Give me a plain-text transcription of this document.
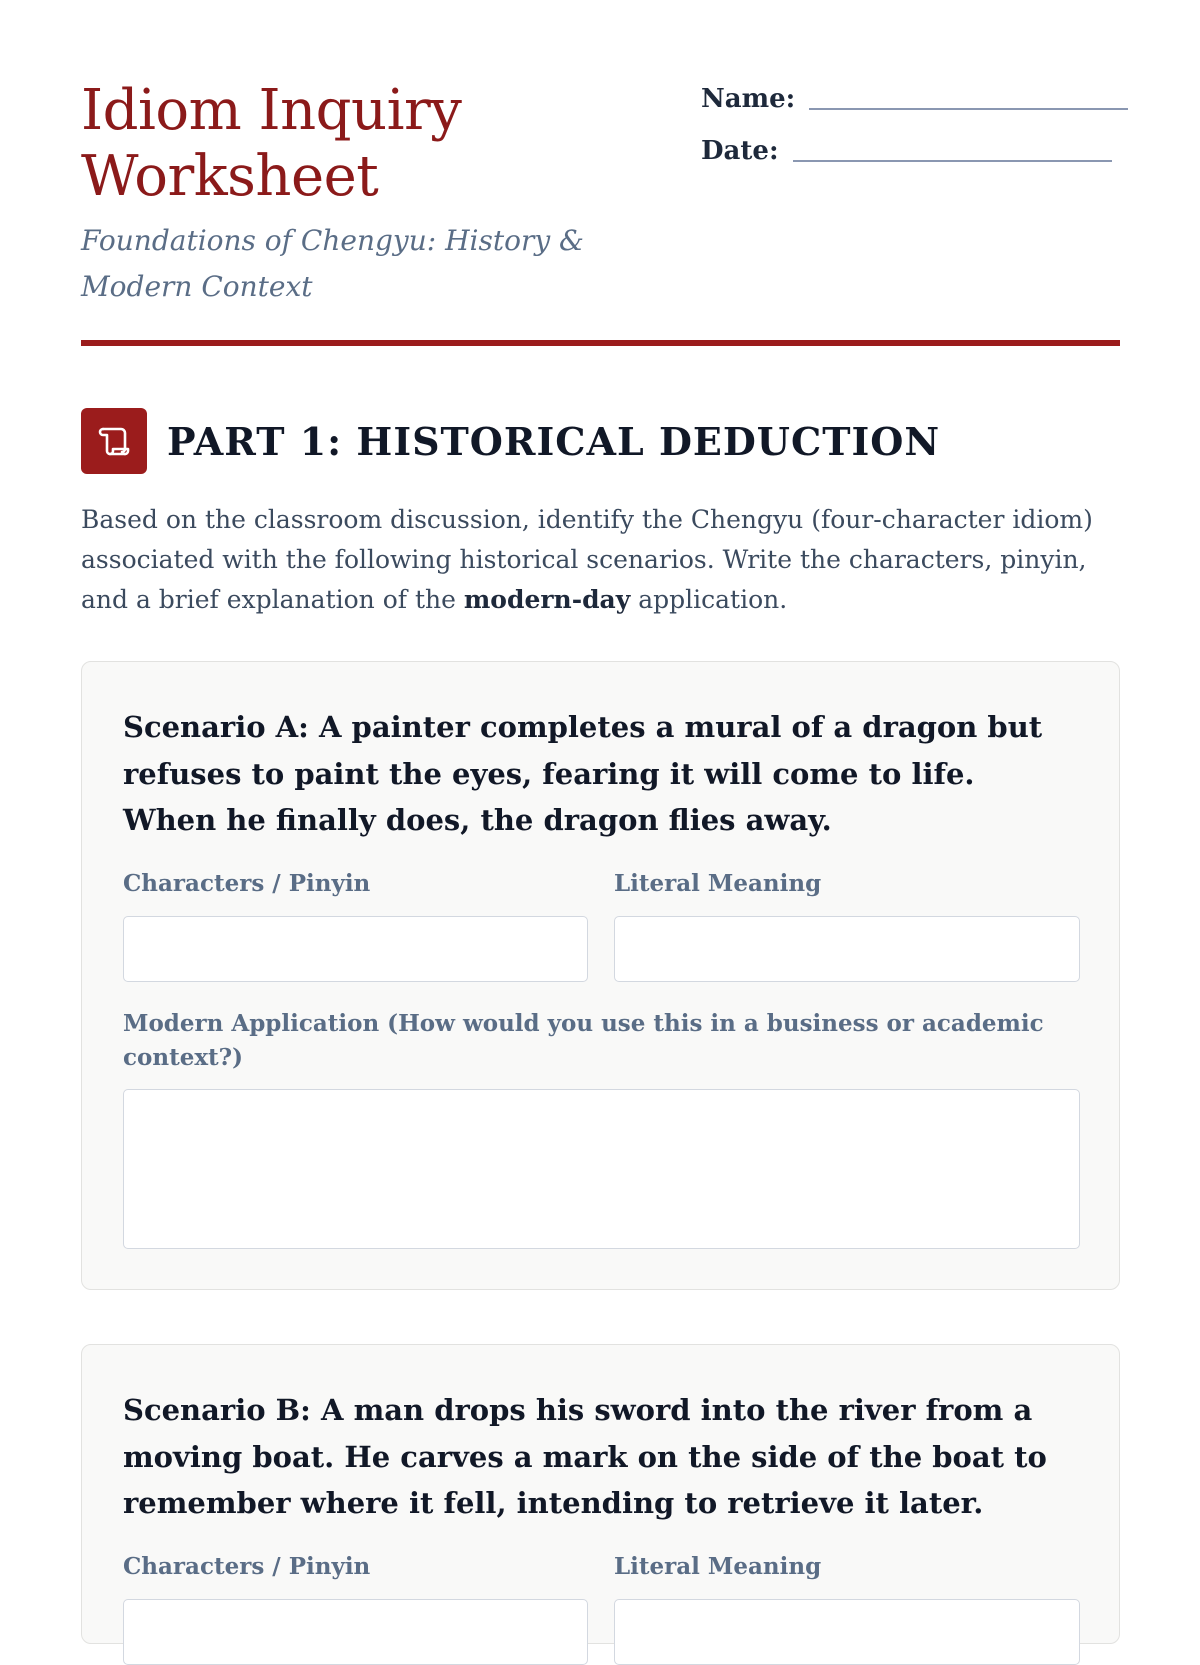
Idiom Inquiry Worksheet

Foundations of Chengyu: History & Modern Context

Name:
Date:
PART 1: HISTORICAL DEDUCTION

Based on the classroom discussion, identify the Chengyu (four-character idiom) associated with the following historical scenarios. Write the characters, pinyin, and a brief explanation of the modern-day application.

Scenario A: A painter completes a mural of a dragon but refuses to paint the eyes, fearing it will come to life. When he finally does, the dragon flies away.

Characters / Pinyin	Literal Meaning
Modern Application (How would you use this in a business or academic context?)

Scenario B: A man drops his sword into the river from a moving boat. He carves a mark on the side of the boat to remember where it fell, intending to retrieve it later.

Characters / Pinyin	Literal Meaning
